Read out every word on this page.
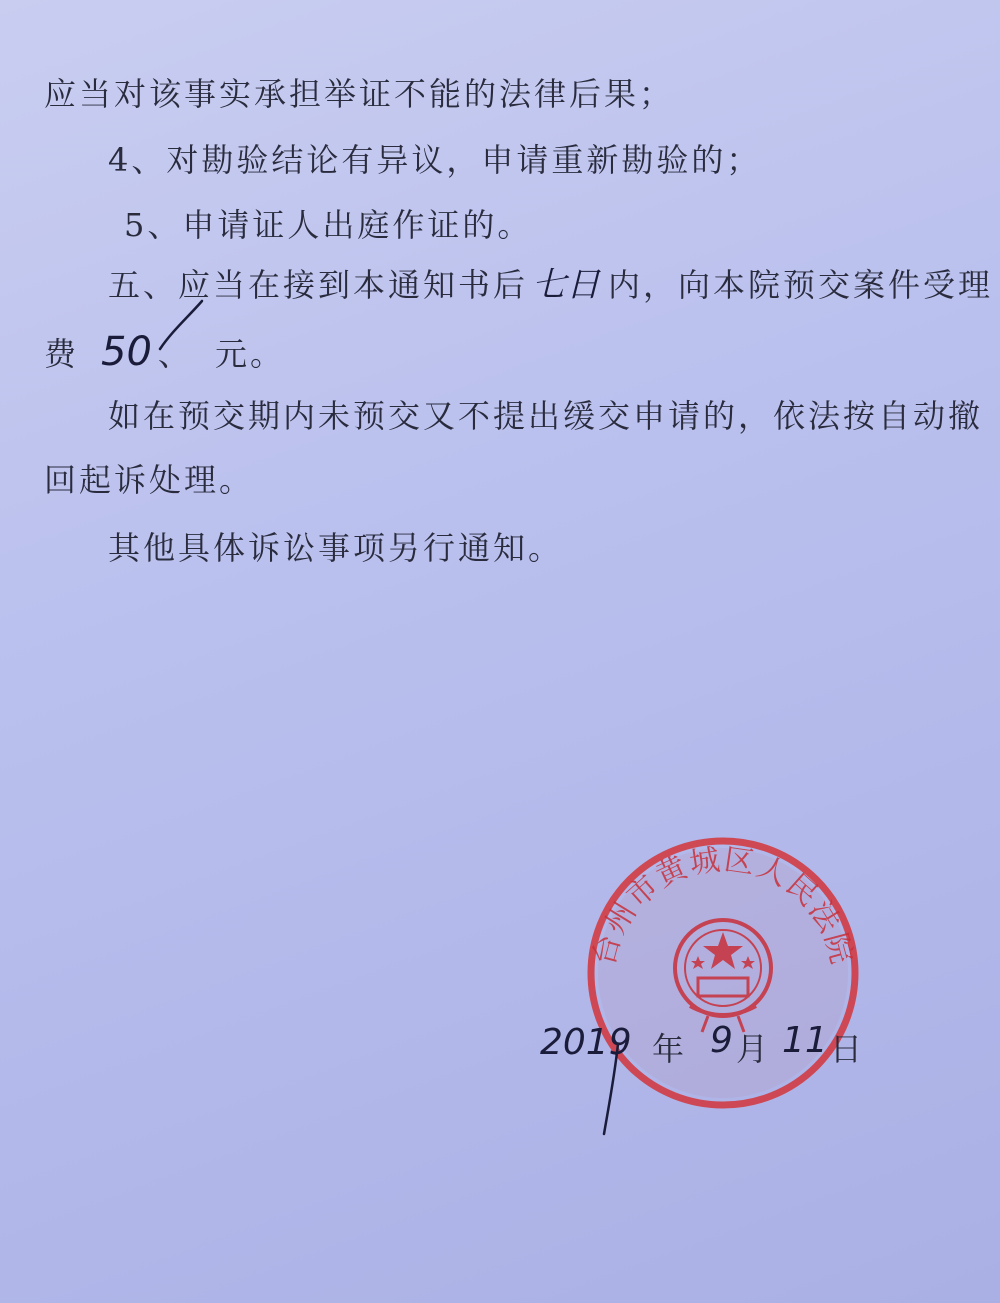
应当对该事实承担举证不能的法律后果；
4、对勘验结论有异议，申请重新勘验的；
5、申请证人出庭作证的。
五、应当在接到本通知书后 七日 内，向本院预交案件受理
费 50 、 元。
如在预交期内未预交又不提出缓交申请的，依法按自动撤
回起诉处理。
其他具体诉讼事项另行通知。
台州市黄城区人民法院
2019 年 9 月 11 日
